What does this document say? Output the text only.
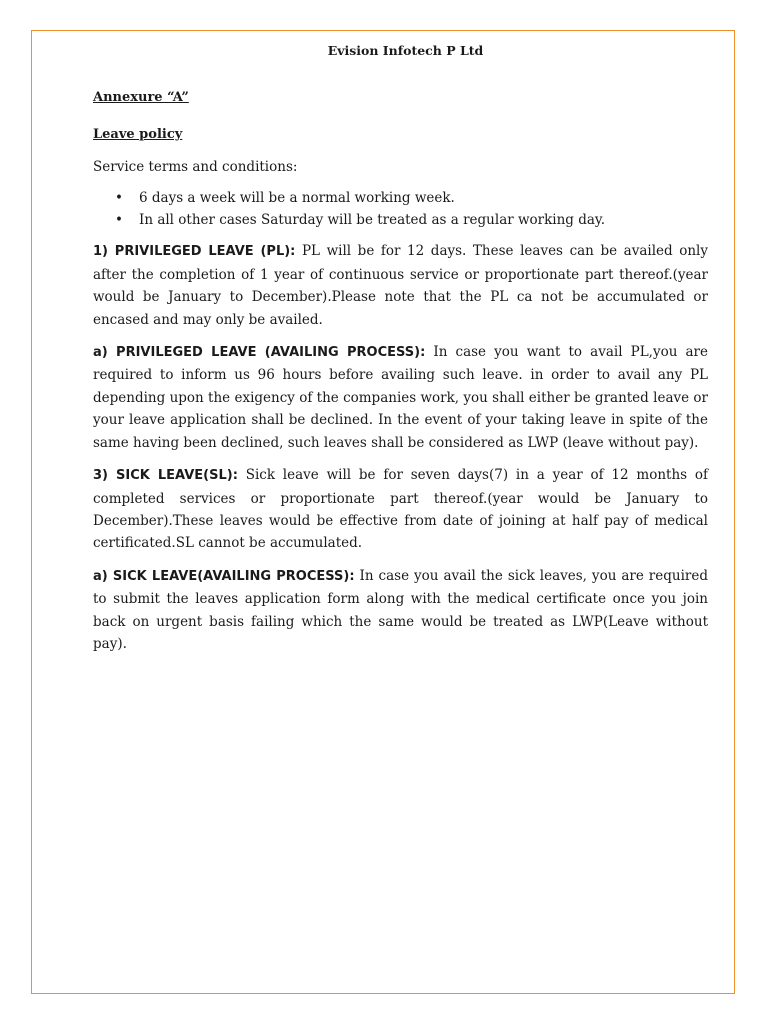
Evision Infotech P Ltd
Annexure “A”
Leave policy
Service terms and conditions:
• 6 days a week will be a normal working week.
• In all other cases Saturday will be treated as a regular working day.

1) PRIVILEGED LEAVE (PL): PL will be for 12 days. These leaves can be availed only after the completion of 1 year of continuous service or proportionate part thereof.(year would be January to December).Please note that the PL ca not be accumulated or encased and may only be availed.

a) PRIVILEGED LEAVE (AVAILING PROCESS): In case you want to avail PL,you are required to inform us 96 hours before availing such leave. in order to avail any PL depending upon the exigency of the companies work, you shall either be granted leave or your leave application shall be declined. In the event of your taking leave in spite of the same having been declined, such leaves shall be considered as LWP (leave without pay).

3) SICK LEAVE(SL): Sick leave will be for seven days(7) in a year of 12 months of completed services or proportionate part thereof.(year would be January to December).These leaves would be effective from date of joining at half pay of medical certificated.SL cannot be accumulated.

a) SICK LEAVE(AVAILING PROCESS): In case you avail the sick leaves, you are required to submit the leaves application form along with the medical certificate once you join back on urgent basis failing which the same would be treated as LWP(Leave without pay).
